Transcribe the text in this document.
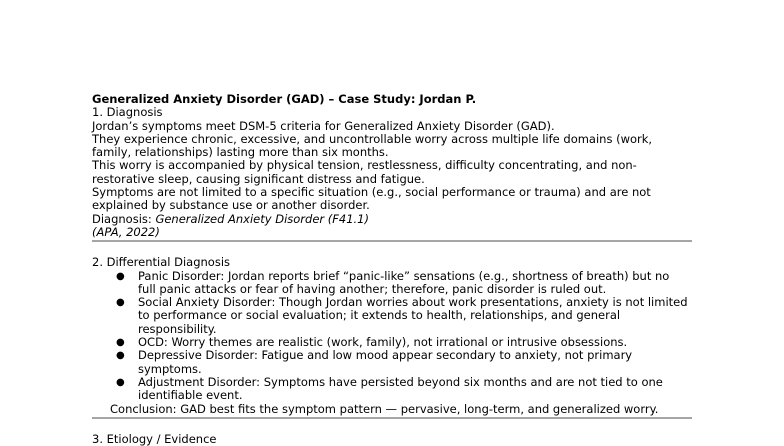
Generalized Anxiety Disorder (GAD) – Case Study: Jordan P.

1. Diagnosis

Jordan’s symptoms meet DSM-5 criteria for Generalized Anxiety Disorder (GAD).

They experience chronic, excessive, and uncontrollable worry across multiple life domains (work,

family, relationships) lasting more than six months.

This worry is accompanied by physical tension, restlessness, difficulty concentrating, and non-

restorative sleep, causing significant distress and fatigue.

Symptoms are not limited to a specific situation (e.g., social performance or trauma) and are not

explained by substance use or another disorder.

Diagnosis: Generalized Anxiety Disorder (F41.1)

(APA, 2022)

2. Differential Diagnosis

● Panic Disorder: Jordan reports brief “panic-like” sensations (e.g., shortness of breath) but no
full panic attacks or fear of having another; therefore, panic disorder is ruled out.
● Social Anxiety Disorder: Though Jordan worries about work presentations, anxiety is not limited
to performance or social evaluation; it extends to health, relationships, and general
responsibility.
● OCD: Worry themes are realistic (work, family), not irrational or intrusive obsessions.
● Depressive Disorder: Fatigue and low mood appear secondary to anxiety, not primary
symptoms.
● Adjustment Disorder: Symptoms have persisted beyond six months and are not tied to one
identifiable event.

Conclusion: GAD best fits the symptom pattern — pervasive, long-term, and generalized worry.

3. Etiology / Evidence
